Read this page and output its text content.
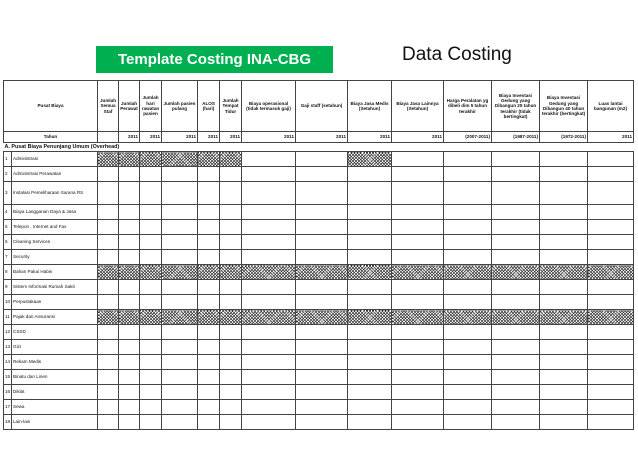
Template Costing INA-CBG	Data Costing
Pusat Biaya		Jumlah Semua Staf	Jumlah Perawat	Jumlah hari rawatan pasien	Jumlah pasien pulang	ALOS (hari)	Jumlah Tempat Tidur	Biaya operasional (tidak termasuk gaji)	Gaji staff (setahun)	Biaya Jasa Medis (Setahun)	Biaya Jasa Lainnya (Setahun)	Harga Peralatan yg dibeli dim 5 tahun terakhir	Biaya Investasi Gedung yang Dibangun 25 tahun terakhir (tidak bertingkat)	Biaya Investasi Gedung yang Dibangun 40 tahun terakhir (bertingkat)	Luas lantai bangunan (m2)
Tahun			2011	2011	2011	2011	2011	2011	2011	2011	2011	(2007-2011)	(1987-2011)	(1972-2011)	2011
A. Pusat Biaya Penunjang Umum (Overhead)															
1	Administrasi														
2	Administrasi Perawatan														
3	Instalasi Pemeliharaan Sarana RS														
4	Biaya Langganan Daya & Jasa														
5	Telepon , Internet and Fax														
6	Cleaning Services														
7	Security														
8	Bahan Pakai Habis														
9	Sistem Informasi Rumah Sakit														
10	Perpustakaan														
11	Pajak dan Ansuransi														
12	CSSD														
13	Gizi														
14	Rekam Medis														
15	Binatu dan Linen														
16	Diklat														
17	Sewa														
18	Lain-lain														
